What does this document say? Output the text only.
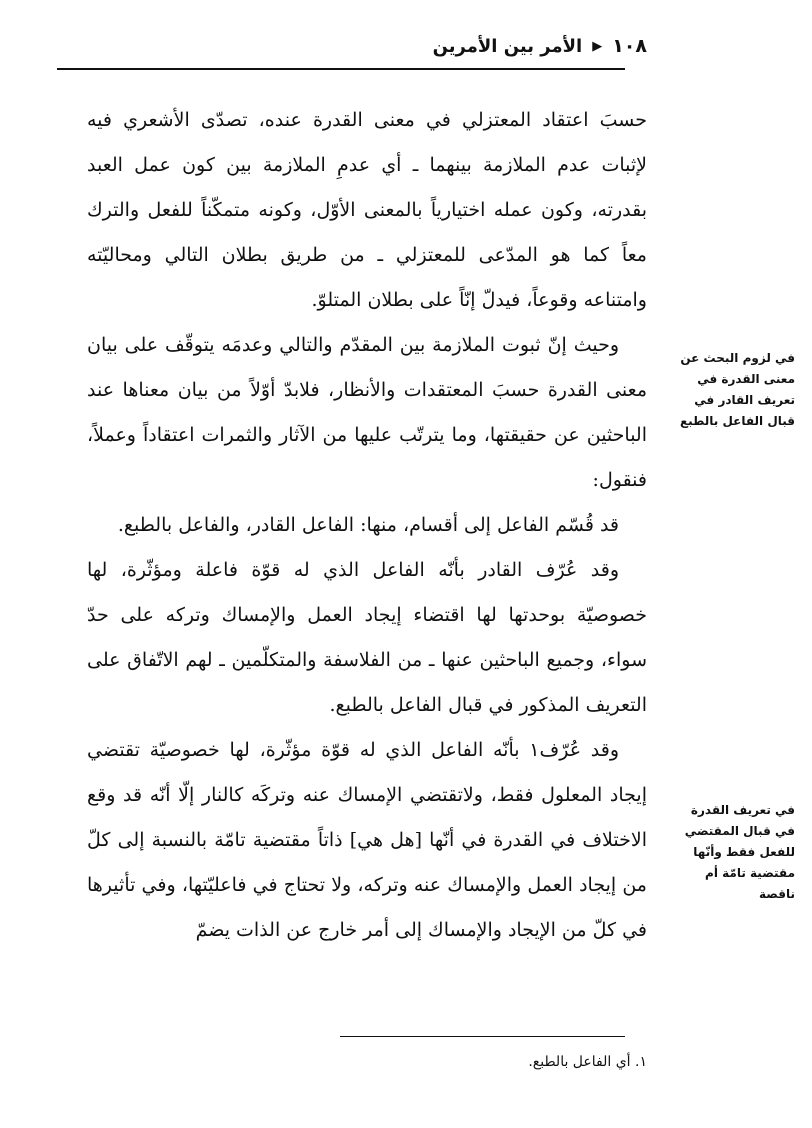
١٠٨
▶
الأمر بين الأمرين

حسبَ اعتقاد المعتزلي في معنى القدرة عنده، تصدّى الأشعري فيه لإثبات عدم الملازمة بينهما ـ أي عدمِ الملازمة بين كون عمل العبد بقدرته، وكون عمله اختيارياً بالمعنى الأوّل، وكونه متمكّناً للفعل والترك معاً كما هو المدّعى للمعتزلي ـ من طريق بطلان التالي ومحاليّته وامتناعه وقوعاً، فيدلّ إنّاً على بطلان المتلوّ.

وحيث إنّ ثبوت الملازمة بين المقدّم والتالي وعدمَه يتوقّف على بيان معنى القدرة حسبَ المعتقدات والأنظار، فلابدّ أوّلاً من بيان معناها عند الباحثين عن حقيقتها، وما يترتّب عليها من الآثار والثمرات اعتقاداً وعملاً، فنقول:

قد قُسّم الفاعل إلى أقسام، منها: الفاعل القادر، والفاعل بالطبع.

وقد عُرّف القادر بأنّه الفاعل الذي له قوّة فاعلة ومؤثّرة، لها خصوصيّة بوحدتها لها اقتضاء إيجاد العمل والإمساك وتركه على حدّ سواء، وجميع الباحثين عنها ـ من الفلاسفة والمتكلّمين ـ لهم الاتّفاق على التعريف المذكور في قبال الفاعل بالطبع.

وقد عُرّف١ بأنّه الفاعل الذي له قوّة مؤثّرة، لها خصوصيّة تقتضي إيجاد المعلول فقط، ولاتقتضي الإمساك عنه وتركَه كالنار إلّا أنّه قد وقع الاختلاف في القدرة في أنّها [هل هي] ذاتاً مقتضية تامّة بالنسبة إلى كلّ من إيجاد العمل والإمساك عنه وتركه، ولا تحتاج في فاعليّتها، وفي تأثيرها في كلّ من الإيجاد والإمساك إلى أمر خارج عن الذات يضمّ

في لزوم البحث عن معنى القدرة في تعريف القادر في قبال الفاعل بالطبع
في تعريف القدرة في قبال المقتضي للفعل فقط وأنّها مقتضية تامّة أم ناقصة
١. أي الفاعل بالطبع.
